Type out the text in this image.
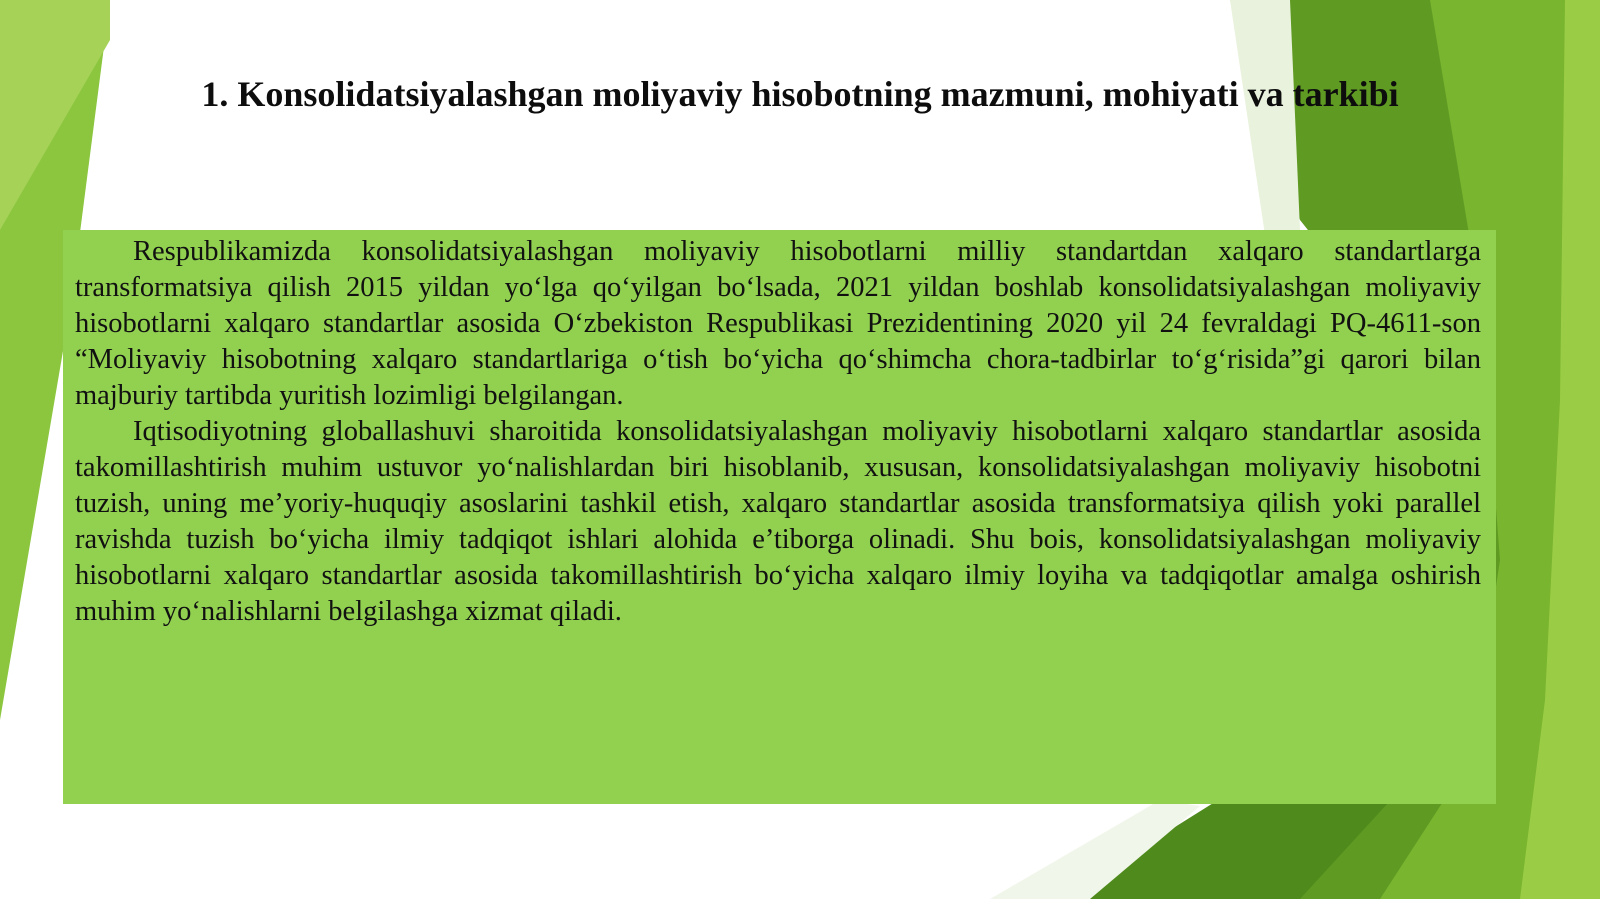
1. Konsolidatsiyalashgan moliyaviy hisobotning mazmuni, mohiyati va tarkibi

Respublikamizda konsolidatsiyalashgan moliyaviy hisobotlarni milliy standartdan xalqaro standartlarga transformatsiya qilish 2015 yildan yo‘lga qo‘yilgan bo‘lsada, 2021 yildan boshlab konsolidatsiyalashgan moliyaviy hisobotlarni xalqaro standartlar asosida O‘zbekiston Respublikasi Prezidentining 2020 yil 24 fevraldagi PQ-4611-son “Moliyaviy hisobotning xalqaro standartlariga o‘tish bo‘yicha qo‘shimcha chora-tadbirlar to‘g‘risida”gi qarori bilan majburiy tartibda yuritish lozimligi belgilangan.

Iqtisodiyotning globallashuvi sharoitida konsolidatsiyalashgan moliyaviy hisobotlarni xalqaro standartlar asosida takomillashtirish muhim ustuvor yo‘nalishlardan biri hisoblanib, xususan, konsolidatsiyalashgan moliyaviy hisobotni tuzish, uning me’yoriy-huquqiy asoslarini tashkil etish, xalqaro standartlar asosida transformatsiya qilish yoki parallel ravishda tuzish bo‘yicha ilmiy tadqiqot ishlari alohida e’tiborga olinadi. Shu bois, konsolidatsiyalashgan moliyaviy hisobotlarni xalqaro standartlar asosida takomillashtirish bo‘yicha xalqaro ilmiy loyiha va tadqiqotlar amalga oshirish muhim yo‘nalishlarni belgilashga xizmat qiladi.
